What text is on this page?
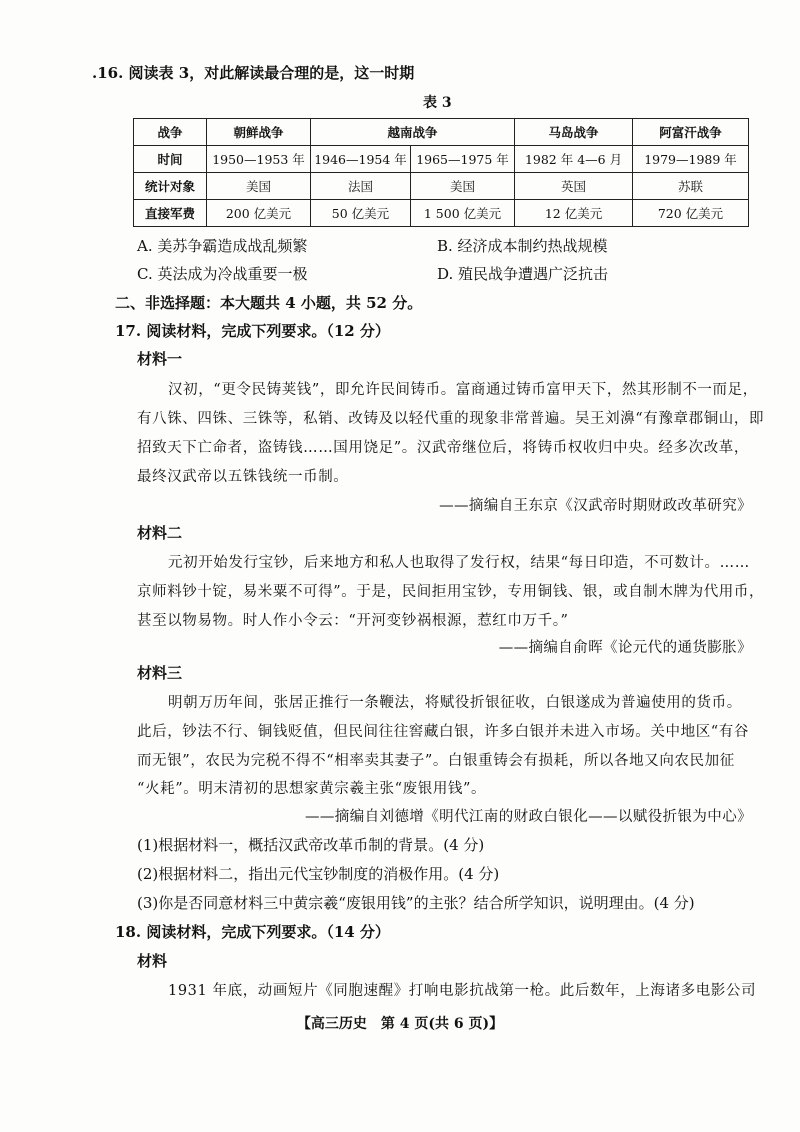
.16. 阅读表 3，对此解读最合理的是，这一时期
表 3
战争	朝鲜战争	越南战争		马岛战争	阿富汗战争
时间	1950—1953 年	1946—1954 年	1965—1975 年	1982 年 4—6 月	1979—1989 年
统计对象	美国	法国	美国	英国	苏联
直接军费	200 亿美元	50 亿美元	1 500 亿美元	12 亿美元	720 亿美元
A. 美苏争霸造成战乱频繁	B. 经济成本制约热战规模
C. 英法成为冷战重要一极	D. 殖民战争遭遇广泛抗击
二、非选择题：本大题共 4 小题，共 52 分。
17. 阅读材料，完成下列要求。（12 分）
材料一
汉初，“更令民铸荚钱”，即允许民间铸币。富商通过铸币富甲天下，然其形制不一而足，
有八铢、四铢、三铢等，私销、改铸及以轻代重的现象非常普遍。吴王刘濞“有豫章郡铜山，即
招致天下亡命者，盗铸钱……国用饶足”。汉武帝继位后，将铸币权收归中央。经多次改革，
最终汉武帝以五铢钱统一币制。
——摘编自王东京《汉武帝时期财政改革研究》
材料二
元初开始发行宝钞，后来地方和私人也取得了发行权，结果“每日印造，不可数计。……
京师料钞十锭，易米粟不可得”。于是，民间拒用宝钞，专用铜钱、银，或自制木牌为代用币，
甚至以物易物。时人作小令云：“开河变钞祸根源，惹红巾万千。”
——摘编自俞晖《论元代的通货膨胀》
材料三
明朝万历年间，张居正推行一条鞭法，将赋役折银征收，白银遂成为普遍使用的货币。
此后，钞法不行、铜钱贬值，但民间往往窖藏白银，许多白银并未进入市场。关中地区“有谷
而无银”，农民为完税不得不“相率卖其妻子”。白银重铸会有损耗，所以各地又向农民加征
“火耗”。明末清初的思想家黄宗羲主张“废银用钱”。
——摘编自刘德增《明代江南的财政白银化——以赋役折银为中心》
(1)根据材料一，概括汉武帝改革币制的背景。(4 分)
(2)根据材料二，指出元代宝钞制度的消极作用。(4 分)
(3)你是否同意材料三中黄宗羲“废银用钱”的主张？结合所学知识，说明理由。(4 分)
18. 阅读材料，完成下列要求。（14 分）
材料
1931 年底，动画短片《同胞速醒》打响电影抗战第一枪。此后数年，上海诸多电影公司
【高三历史　第 4 页(共 6 页)】
